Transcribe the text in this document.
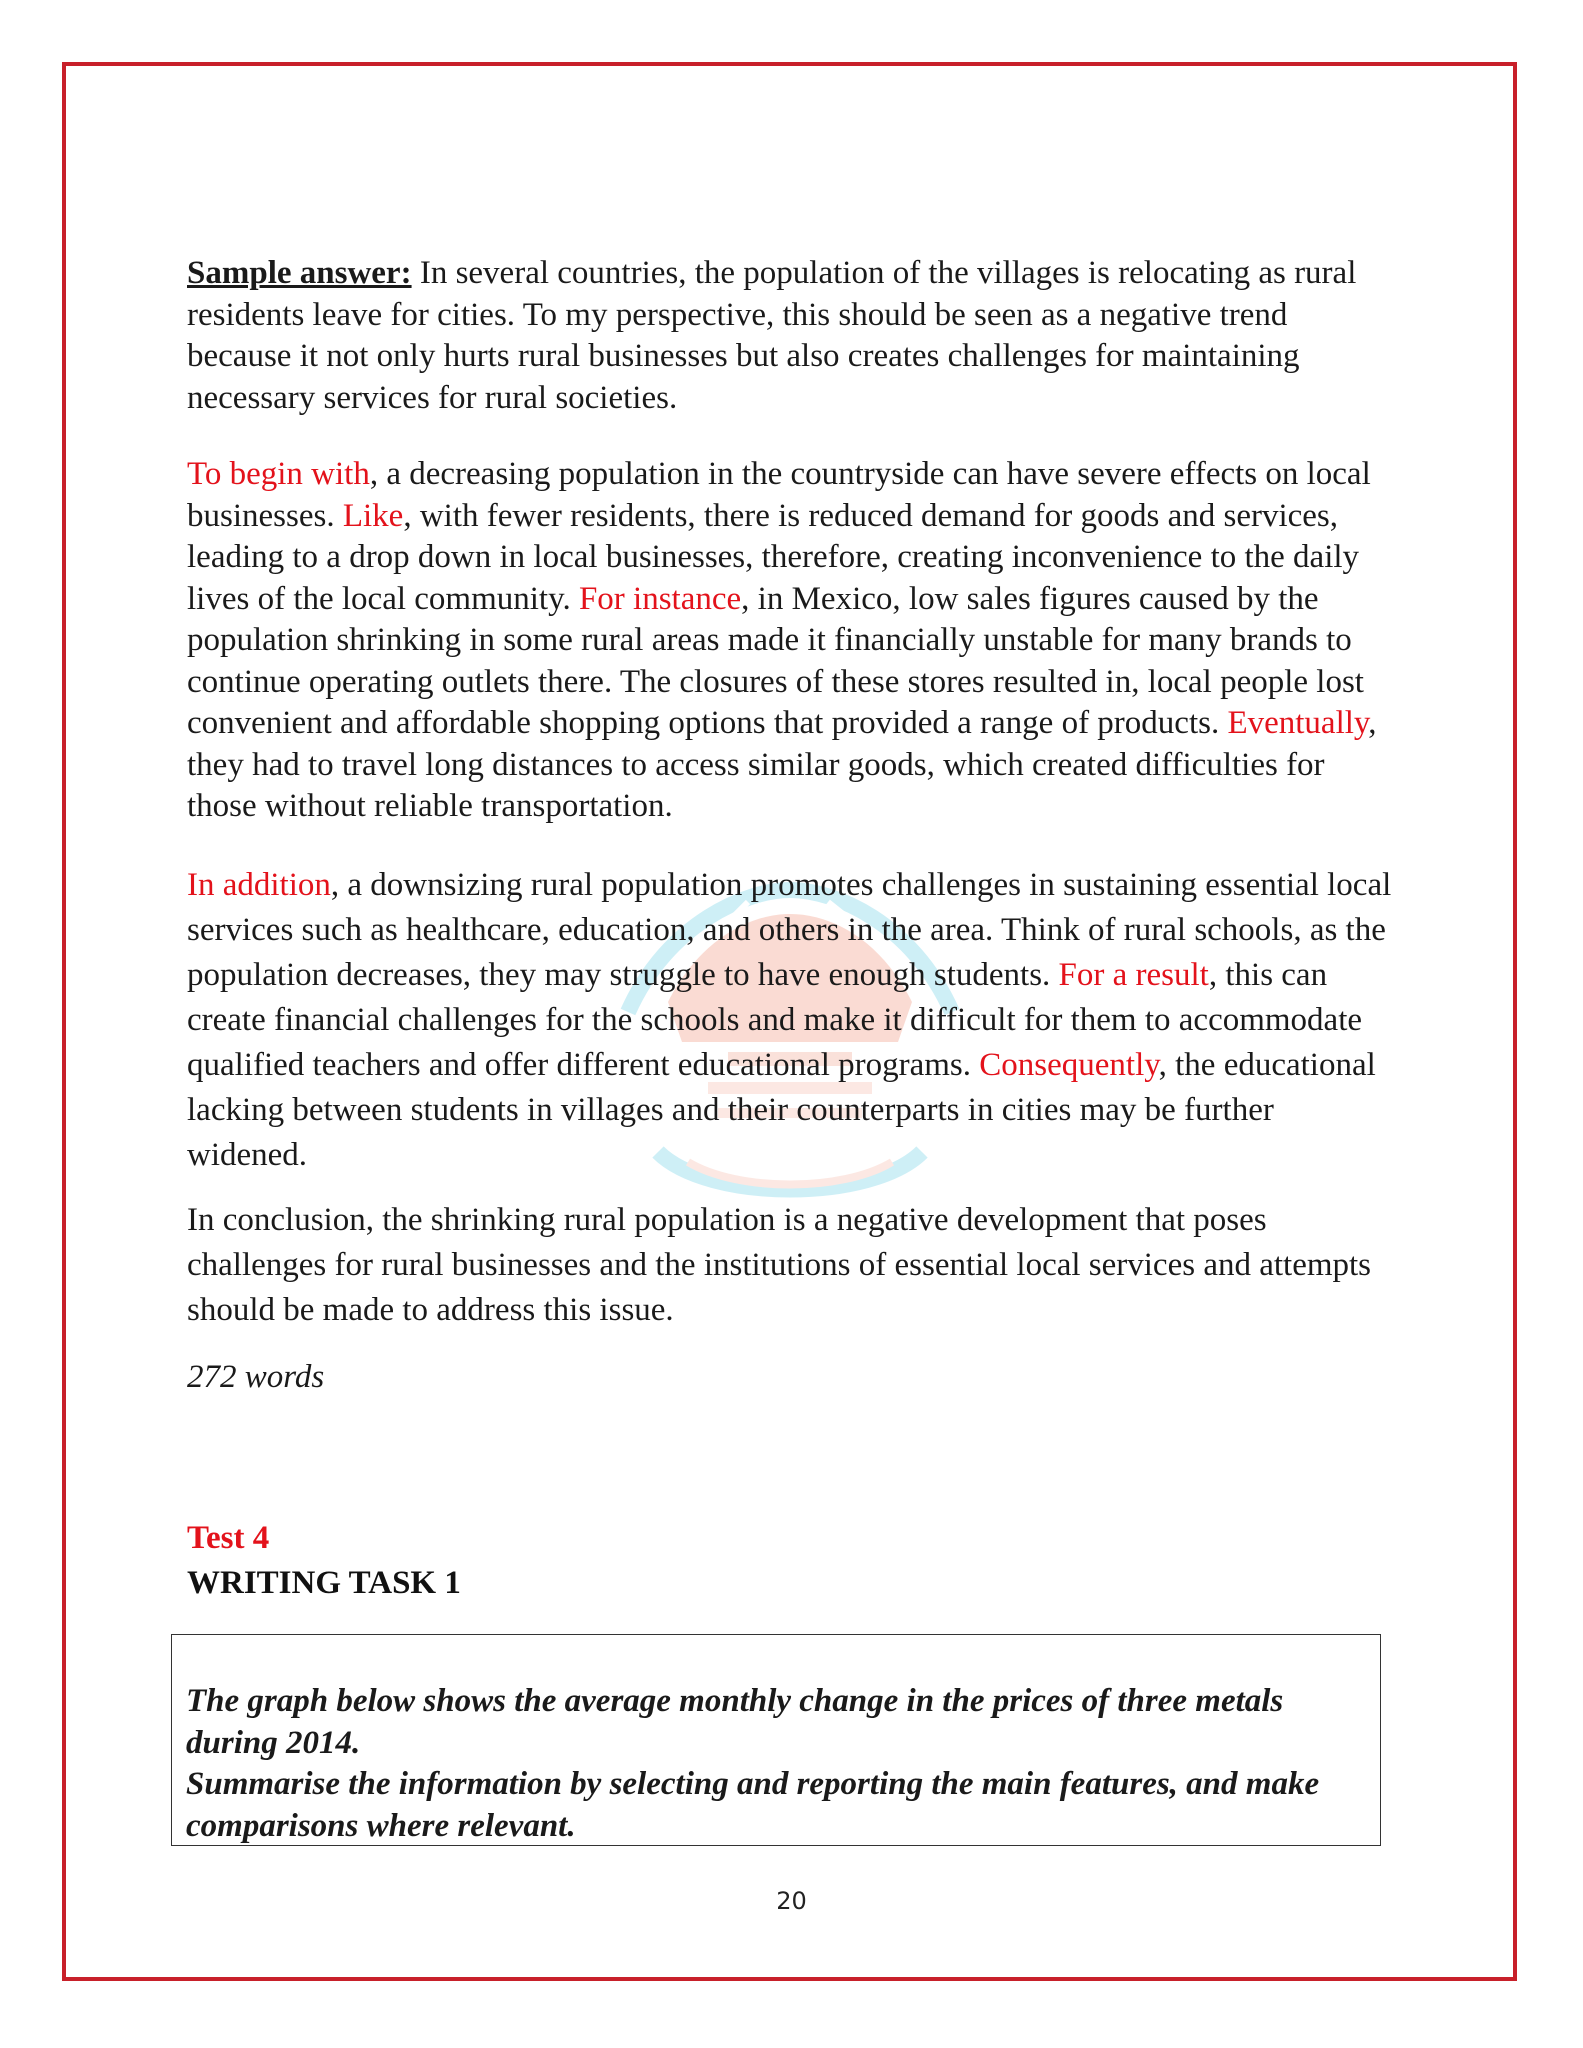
Sample answer: In several countries, the population of the villages is relocating as rural residents leave for cities. To my perspective, this should be seen as a negative trend because it not only hurts rural businesses but also creates challenges for maintaining necessary services for rural societies.

To begin with, a decreasing population in the countryside can have severe effects on local businesses. Like, with fewer residents, there is reduced demand for goods and services, leading to a drop down in local businesses, therefore, creating inconvenience to the daily lives of the local community. For instance, in Mexico, low sales figures caused by the population shrinking in some rural areas made it financially unstable for many brands to continue operating outlets there. The closures of these stores resulted in, local people lost convenient and affordable shopping options that provided a range of products. Eventually, they had to travel long distances to access similar goods, which created difficulties for those without reliable transportation.

In addition, a downsizing rural population promotes challenges in sustaining essential local services such as healthcare, education, and others in the area. Think of rural schools, as the population decreases, they may struggle to have enough students. For a result, this can create financial challenges for the schools and make it difficult for them to accommodate qualified teachers and offer different educational programs. Consequently, the educational lacking between students in villages and their counterparts in cities may be further widened.

In conclusion, the shrinking rural population is a negative development that poses challenges for rural businesses and the institutions of essential local services and attempts should be made to address this issue.

272 words

Test 4
WRITING TASK 1

The graph below shows the average monthly change in the prices of three metals during 2014.

Summarise the information by selecting and reporting the main features, and make comparisons where relevant.

20
